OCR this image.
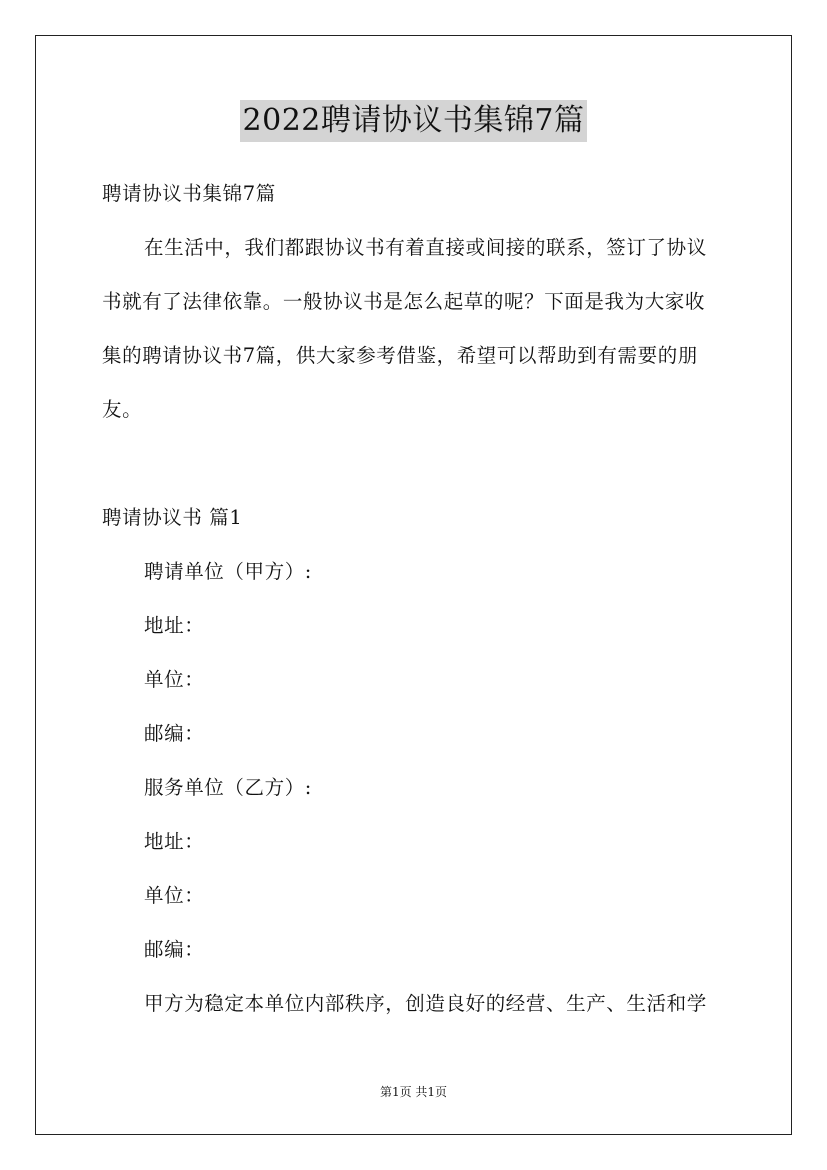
2022聘请协议书集锦7篇
聘请协议书集锦7篇
在生活中，我们都跟协议书有着直接或间接的联系，签订了协议
书就有了法律依靠。一般协议书是怎么起草的呢？下面是我为大家收
集的聘请协议书7篇，供大家参考借鉴，希望可以帮助到有需要的朋
友。
聘请协议书 篇1
聘请单位（甲方）:
地址：
单位：
邮编：
服务单位（乙方）:
地址：
单位：
邮编：
甲方为稳定本单位内部秩序，创造良好的经营、生产、生活和学
第1页 共1页
